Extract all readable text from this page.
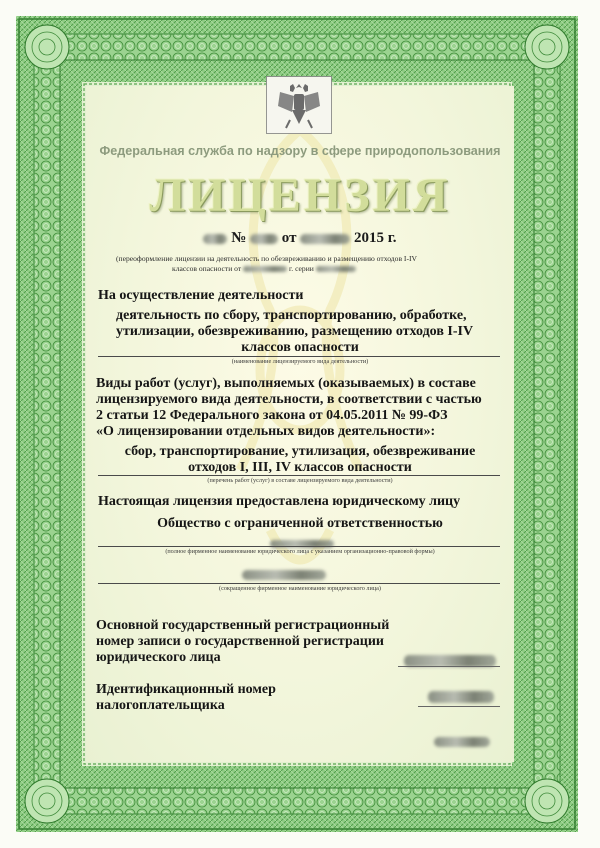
Федеральная служба по надзору в сфере природопользования
ЛИЦЕНЗИЯ
№ от	2015 г.
(переоформление лицензии на деятельность по обезвреживанию и размещению отходов I-IV
классов опасности от	г. серии
На осуществление деятельности
деятельность по сбору, транспортированию, обработке,
утилизации, обезвреживанию, размещению отходов I-IV
классов опасности
(наименование лицензируемого вида деятельности)
Виды работ (услуг), выполняемых (оказываемых) в составе
лицензируемого вида деятельности, в соответствии с частью
2 статьи 12 Федерального закона от 04.05.2011 № 99-ФЗ
«О лицензировании отдельных видов деятельности»:
сбор, транспортирование, утилизация, обезвреживание
отходов I, III, IV классов опасности
(перечень работ (услуг) в составе лицензируемого вида деятельности)
Настоящая лицензия предоставлена юридическому лицу
Общество с ограниченной ответственностью
(полное фирменное наименование юридического лица с указанием организационно-правовой формы)
(сокращенное фирменное наименование юридического лица)
Основной государственный регистрационный
номер записи о государственной регистрации
юридического лица
Идентификационный номер
налогоплательщика
